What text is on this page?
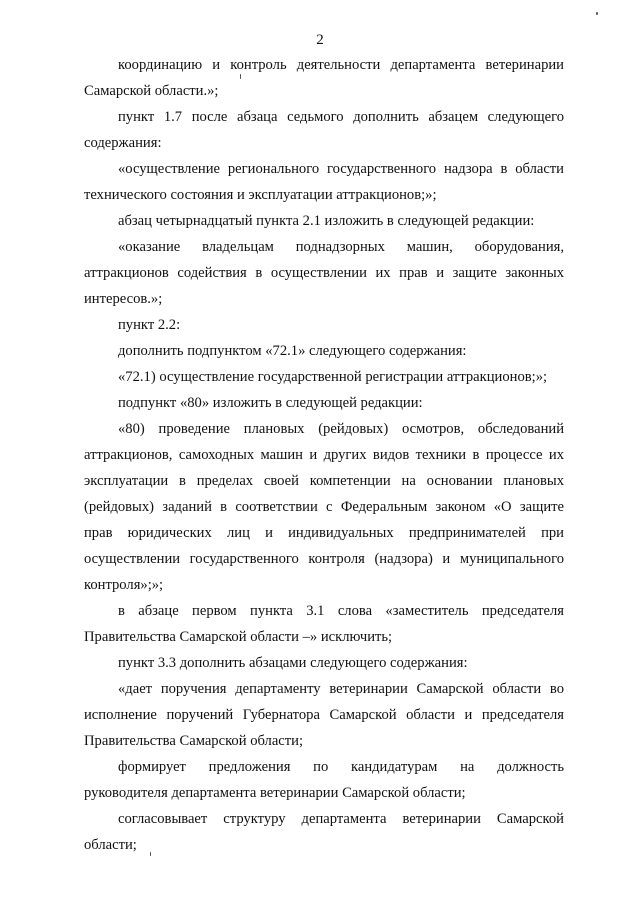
2
координацию и контроль деятельности департамента ветеринарии
Самарской области.»;
пункт 1.7 после абзаца седьмого дополнить абзацем следующего
содержания:
«осуществление регионального государственного надзора в области
технического состояния и эксплуатации аттракционов;»;
абзац четырнадцатый пункта 2.1 изложить в следующей редакции:
«оказание владельцам поднадзорных машин, оборудования,
аттракционов содействия в осуществлении их прав и защите законных
интересов.»;
пункт 2.2:
дополнить подпунктом «72.1» следующего содержания:
«72.1) осуществление государственной регистрации аттракционов;»;
подпункт «80» изложить в следующей редакции:
«80) проведение плановых (рейдовых) осмотров, обследований
аттракционов, самоходных машин и других видов техники в процессе их
эксплуатации в пределах своей компетенции на основании плановых
(рейдовых) заданий в соответствии с Федеральным законом «О защите
прав юридических лиц и индивидуальных предпринимателей при
осуществлении государственного контроля (надзора) и муниципального
контроля»;»;
в абзаце первом пункта 3.1 слова «заместитель председателя
Правительства Самарской области –» исключить;
пункт 3.3 дополнить абзацами следующего содержания:
«дает поручения департаменту ветеринарии Самарской области во
исполнение поручений Губернатора Самарской области и председателя
Правительства Самарской области;
формирует предложения по кандидатурам на должность
руководителя департамента ветеринарии Самарской области;
согласовывает структуру департамента ветеринарии Самарской
области;
